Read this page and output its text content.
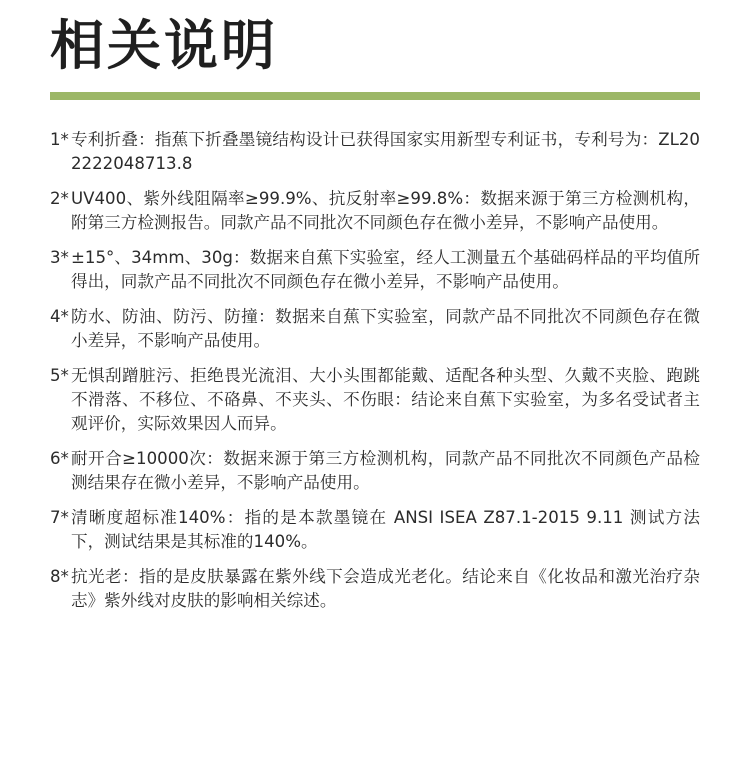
相关说明
1* 专利折叠：指蕉下折叠墨镜结构设计已获得国家实用新型专利证书，专利号为：ZL202222048713.8
2* UV400、紫外线阻隔率≥99.9%、抗反射率≥99.8%：数据来源于第三方检测机构，附第三方检测报告。同款产品不同批次不同颜色存在微小差异，不影响产品使用。
3* ±15°、34mm、30g：数据来自蕉下实验室，经人工测量五个基础码样品的平均值所得出，同款产品不同批次不同颜色存在微小差异，不影响产品使用。
4* 防水、防油、防污、防撞：数据来自蕉下实验室，同款产品不同批次不同颜色存在微小差异，不影响产品使用。
5* 无惧刮蹭脏污、拒绝畏光流泪、大小头围都能戴、适配各种头型、久戴不夹脸、跑跳不滑落、不移位、不硌鼻、不夹头、不伤眼：结论来自蕉下实验室，为多名受试者主观评价，实际效果因人而异。
6* 耐开合≥10000次：数据来源于第三方检测机构，同款产品不同批次不同颜色产品检测结果存在微小差异，不影响产品使用。
7* 清晰度超标准140%：指的是本款墨镜在 ANSI ISEA Z87.1-2015 9.11 测试方法下，测试结果是其标准的140%。
8* 抗光老：指的是皮肤暴露在紫外线下会造成光老化。结论来自《化妆品和激光治疗杂志》紫外线对皮肤的影响相关综述。
